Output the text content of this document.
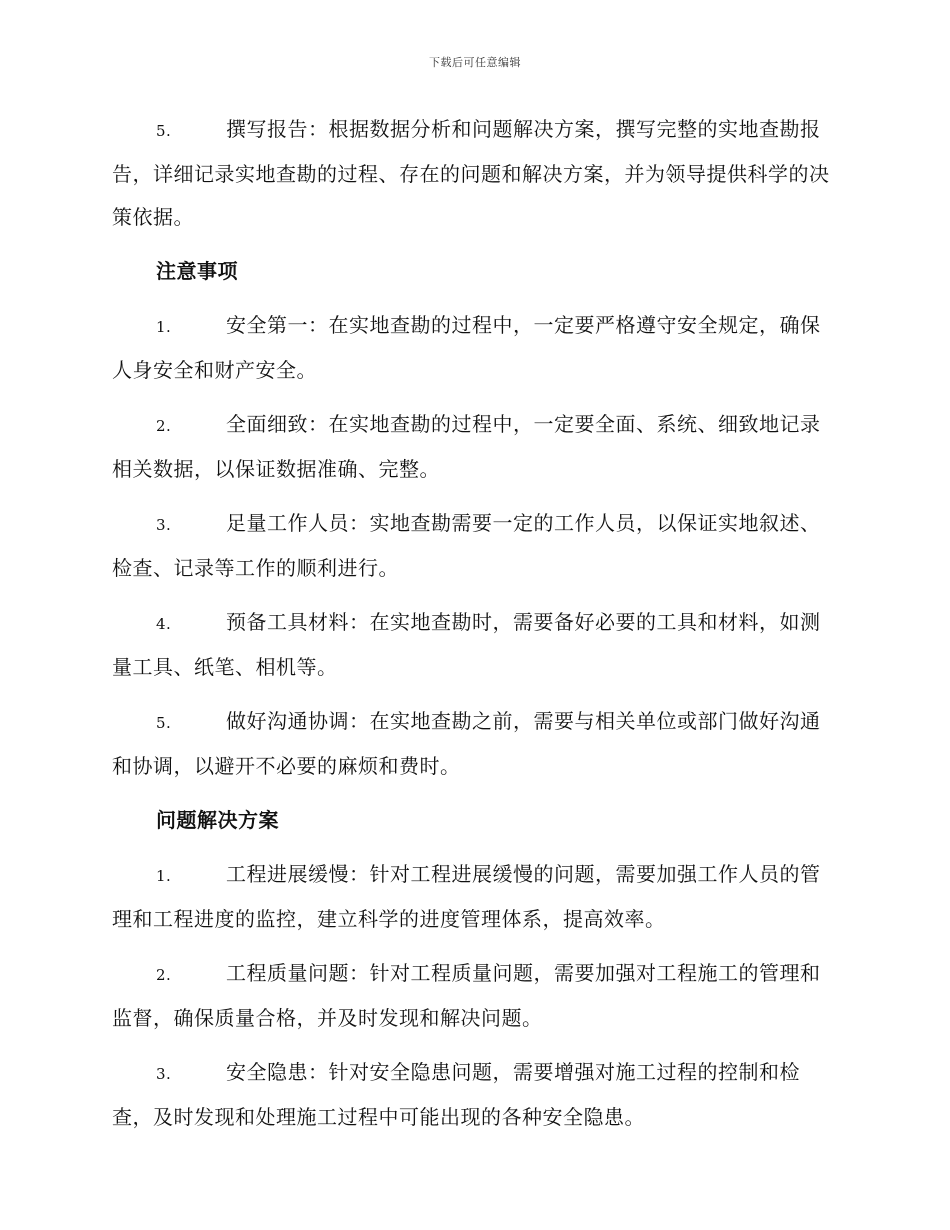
下载后可任意编辑

5.	撰写报告：根据数据分析和问题解决方案，撰写完整的实地查勘报告，详细记录实地查勘的过程、存在的问题和解决方案，并为领导提供科学的决策依据。

注意事项

1.	安全第一：在实地查勘的过程中，一定要严格遵守安全规定，确保人身安全和财产安全。

2.	全面细致：在实地查勘的过程中，一定要全面、系统、细致地记录相关数据，以保证数据准确、完整。

3.	足量工作人员：实地查勘需要一定的工作人员，以保证实地叙述、检查、记录等工作的顺利进行。

4.	预备工具材料：在实地查勘时，需要备好必要的工具和材料，如测量工具、纸笔、相机等。

5.	做好沟通协调：在实地查勘之前，需要与相关单位或部门做好沟通和协调，以避开不必要的麻烦和费时。

问题解决方案

1.	工程进展缓慢：针对工程进展缓慢的问题，需要加强工作人员的管理和工程进度的监控，建立科学的进度管理体系，提高效率。

2.	工程质量问题：针对工程质量问题，需要加强对工程施工的管理和监督，确保质量合格，并及时发现和解决问题。

3.	安全隐患：针对安全隐患问题，需要增强对施工过程的控制和检查，及时发现和处理施工过程中可能出现的各种安全隐患。
